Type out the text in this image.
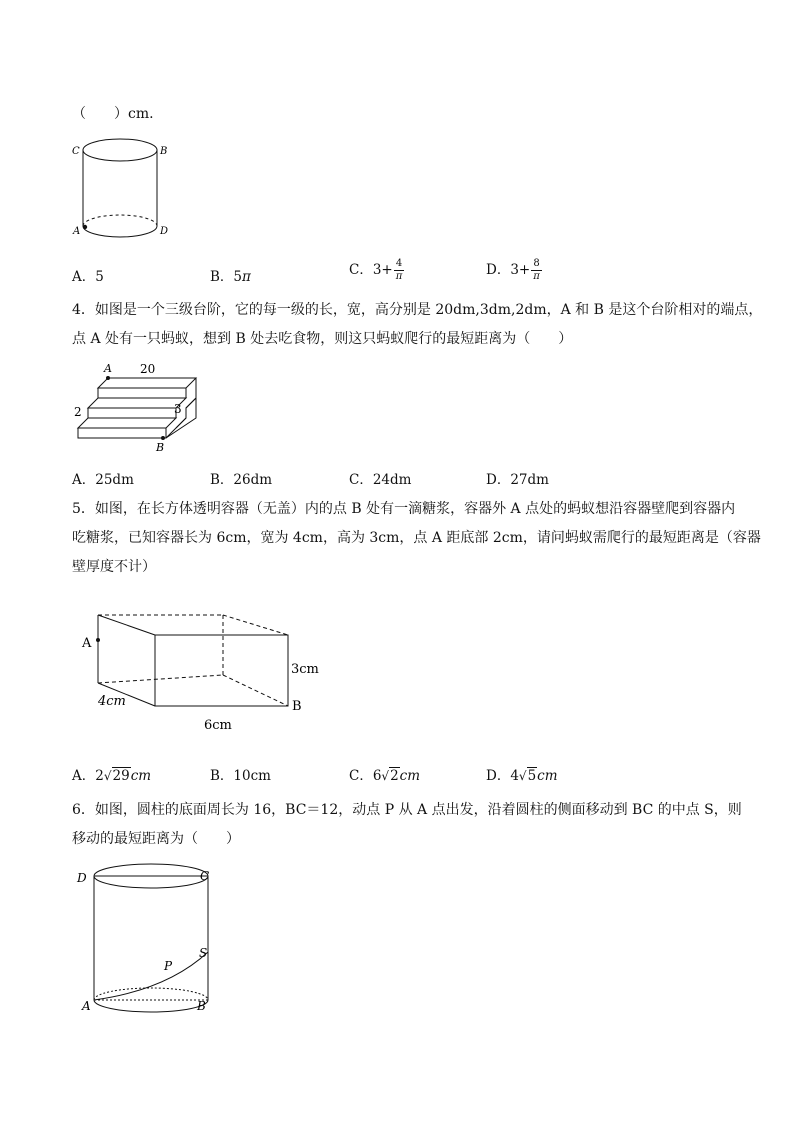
（　　）cm.
C	B
A	D
A．5	B．5π	C．$3+ \frac{4}{\pi}$	D．$3+ \frac{8}{\pi}$
4．如图是一个三级台阶，它的每一级的长，宽，高分别是 20dm,3dm,2dm，A 和 B 是这个台阶相对的端点，
点 A 处有一只蚂蚁，想到 B 处去吃食物，则这只蚂蚁爬行的最短距离为（　　）
A 20
2	3
B
A．25dm	B．26dm	C．24dm	D．27dm
5．如图，在长方体透明容器（无盖）内的点 B 处有一滴糖浆，容器外 A 点处的蚂蚁想沿容器壁爬到容器内
吃糖浆，已知容器长为 6cm，宽为 4cm，高为 3cm，点 A 距底部 2cm，请问蚂蚁需爬行的最短距离是（容器
壁厚度不计）
A
3cm
4cm
6cm
B
A．2√29cm	B．10cm	C．6√2cm	D．4√5cm
6．如图，圆柱的底面周长为 16，BC＝12，动点 P 从 A 点出发，沿着圆柱的侧面移动到 BC 的中点 S，则
移动的最短距离为（　　）
D	C
S
P
A	B
